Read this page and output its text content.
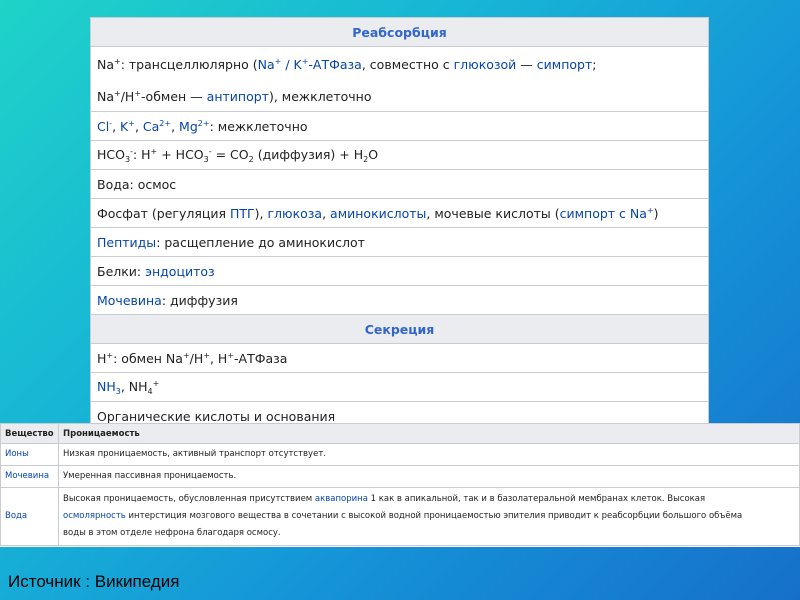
Реабсорбция

Na+: трансцеллюлярно (Na+ / K+-АТФаза, совместно с глюкозой — симпорт;
Na+/H+-обмен — антипорт), межклеточно

Cl-, K+, $Ca^{2+}$, $Mg^{2+}$: межклеточно
$HCO_3^-$: $H^+ + HCO_3^- = CO_2$ (диффузия) + $H_2O$
Вода: осмос
Фосфат (регуляция ПТГ), глюкоза, аминокислоты, мочевые кислоты (симпорт с Na+)
Пептиды: расщепление до аминокислот
Белки: эндоцитоз
Мочевина: диффузия
Секреция
H+: обмен Na+/H+, H+-АТФаза
$NH_3$, $NH_4^+$
Органические кислоты и основания
Вещество	Проницаемость
Ионы	Низкая проницаемость, активный транспорт отсутствует.
Мочевина	Умеренная пассивная проницаемость.
Вода	Высокая проницаемость, обусловленная присутствием аквапорина 1 как в апикальной, так и в базолатеральной мембранах клеток. Высокая
осмолярность интерстиция мозгового вещества в сочетании с высокой водной проницаемостью эпителия приводит к реабсорбции большого объёма
воды в этом отделе нефрона благодаря осмосу.
Источник : Википедия
